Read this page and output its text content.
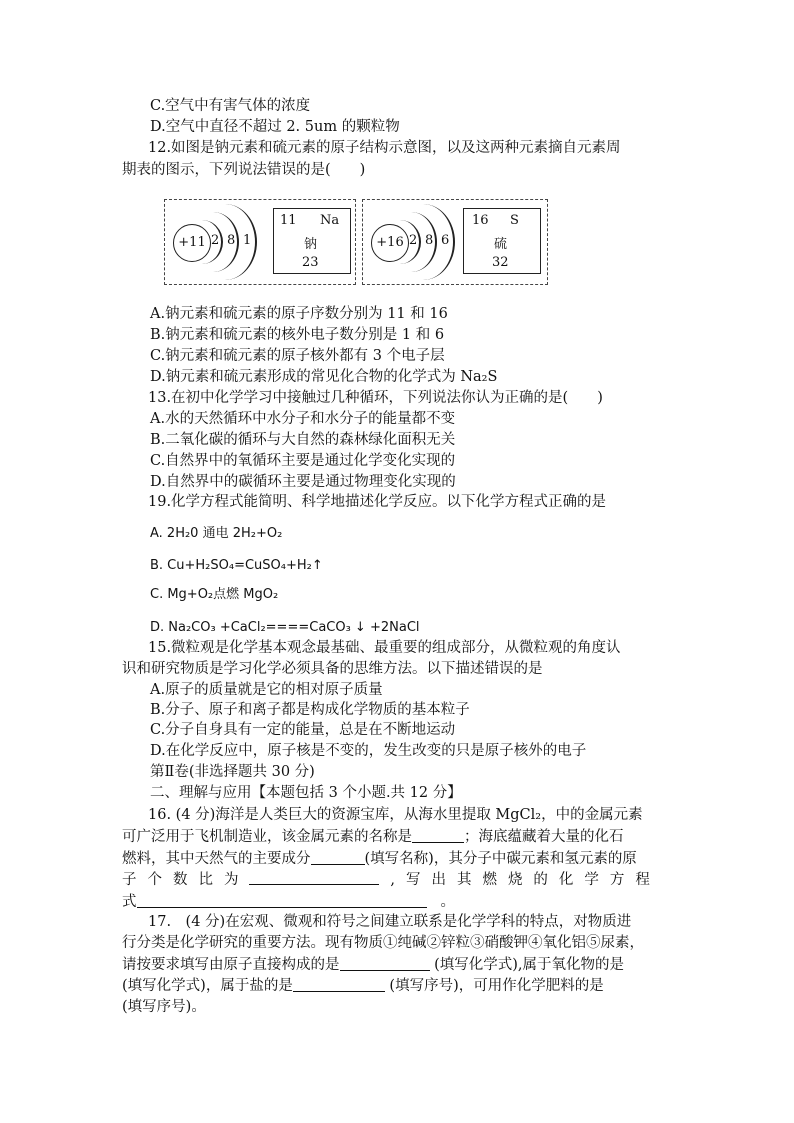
C.空气中有害气体的浓度
D.空气中直径不超过 2. 5um 的颗粒物
12.如图是钠元素和硫元素的原子结构示意图，以及这两种元素摘自元素周
期表的图示，下列说法错误的是(　　)
+11 2 8 1
11 Na
钠
23
+16 2 8 6
16 S
硫
32
A.钠元素和硫元素的原子序数分别为 11 和 16
B.钠元素和硫元素的核外电子数分别是 1 和 6
C.钠元素和硫元素的原子核外都有 3 个电子层
D.钠元素和硫元素形成的常见化合物的化学式为 Na₂S
13.在初中化学学习中接触过几种循环，下列说法你认为正确的是(　　)
A.水的天然循环中水分子和水分子的能量都不变
B.二氧化碳的循环与大自然的森林绿化面积无关
C.自然界中的氧循环主要是通过化学变化实现的
D.自然界中的碳循环主要是通过物理变化实现的
19.化学方程式能简明、科学地描述化学反应。以下化学方程式正确的是
A. 2H₂0 通电 2H₂+O₂
B. Cu+H₂SO₄=CuSO₄+H₂↑
C. Mg+O₂点燃 MgO₂
D. Na₂CO₃ +CaCl₂====CaCO₃ ↓ +2NaCl
15.微粒观是化学基本观念最基础、最重要的组成部分，从微粒观的角度认
识和研究物质是学习化学必须具备的思维方法。以下描述错误的是
A.原子的质量就是它的相对原子质量
B.分子、原子和离子都是构成化学物质的基本粒子
C.分子自身具有一定的能量，总是在不断地运动
D.在化学反应中，原子核是不变的，发生改变的只是原子核外的电子
第Ⅱ卷(非选择题共 30 分)
二、理解与应用【本题包括 3 个小题.共 12 分】
16. (4 分)海洋是人类巨大的资源宝库，从海水里提取 MgCl₂，中的金属元素
可广泛用于飞机制造业，该金属元素的名称是	；海底蕴藏着大量的化石
燃料，其中天然气的主要成分	(填写名称)，其分子中碳元素和氢元素的原
子 个 数 比 为	, 写 出 其 燃 烧 的 化 学 方 程
式	。
17.　(4 分)在宏观、微观和符号之间建立联系是化学学科的特点，对物质进
行分类是化学研究的重要方法。现有物质①纯碱②锌粒③硝酸钾④氧化铝⑤尿素，
请按要求填写由原子直接构成的是	(填写化学式),属于氧化物的是
(填写化学式)，属于盐的是	(填写序号)，可用作化学肥料的是
(填写序号)。
